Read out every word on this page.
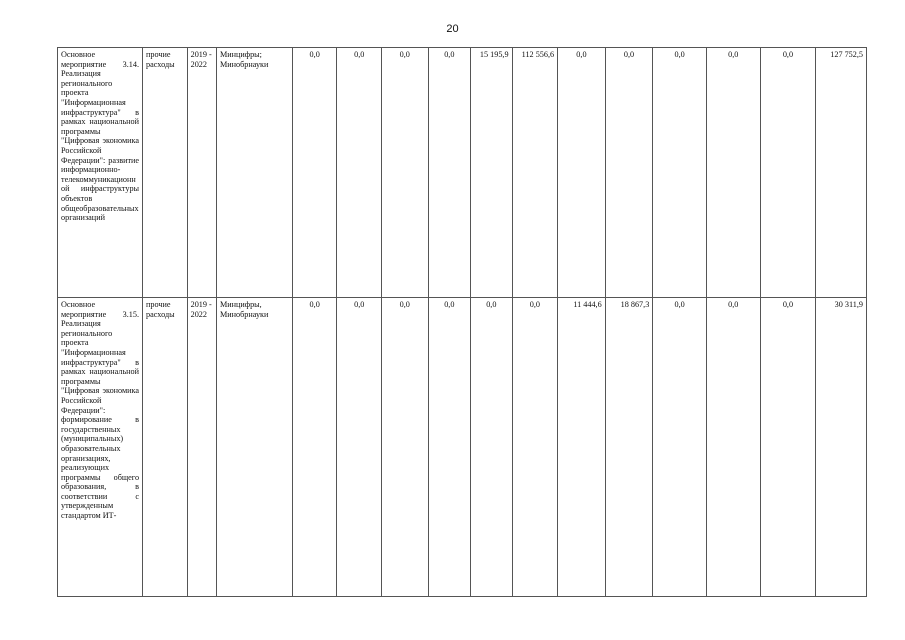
20
Основное мероприятие 3.14. Реализация регионального проекта "Информационная инфраструктура" в рамках национальной программы "Цифровая экономика Российской Федерации": развитие информационно-телекоммуникационной инфраструктуры объектов общеобразовательных организаций	прочие расходы	2019 - 2022	Минцифры; Минобрнауки	0,0	0,0	0,0	0,0	15 195,9	112 556,6	0,0	0,0	0,0	0,0	0,0	127 752,5
Основное мероприятие 3.15. Реализация регионального проекта "Информационная инфраструктура" в рамках национальной программы "Цифровая экономика Российской Федерации": формирование в государственных (муниципальных) образовательных организациях, реализующих программы общего образования, в соответствии с утвержденным стандартом ИТ-	прочие расходы	2019 - 2022	Минцифры, Минобрнауки	0,0	0,0	0,0	0,0	0,0	0,0	11 444,6	18 867,3	0,0	0,0	0,0	30 311,9
